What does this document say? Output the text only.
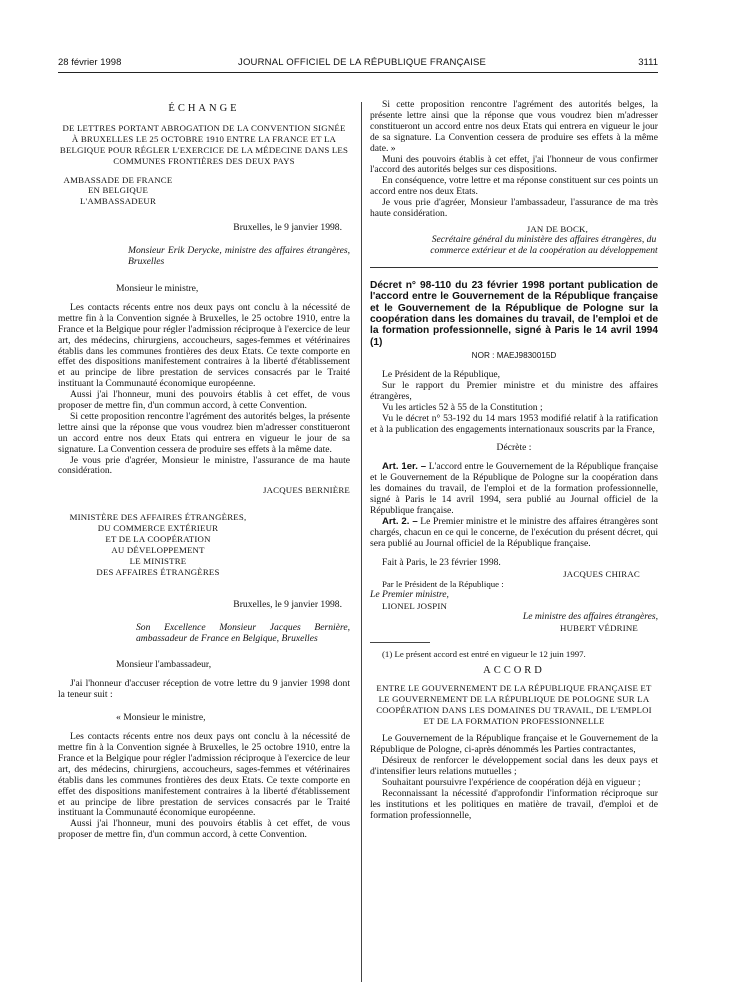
28 février 1998	JOURNAL OFFICIEL DE LA RÉPUBLIQUE FRANÇAISE	3111
ÉCHANGE

DE LETTRES PORTANT ABROGATION DE LA CONVENTION SIGNÉE À BRUXELLES LE 25 OCTOBRE 1910 ENTRE LA FRANCE ET LA BELGIQUE POUR RÉGLER L'EXERCICE DE LA MÉDECINE DANS LES COMMUNES FRONTIÈRES DES DEUX PAYS

AMBASSADE DE FRANCE
EN BELGIQUE
L'AMBASSADEUR

Bruxelles, le 9 janvier 1998.

Monsieur Erik Derycke, ministre des affaires étrangères, Bruxelles

Monsieur le ministre,

Les contacts récents entre nos deux pays ont conclu à la nécessité de mettre fin à la Convention signée à Bruxelles, le 25 octobre 1910, entre la France et la Belgique pour régler l'admission réciproque à l'exercice de leur art, des médecins, chirurgiens, accoucheurs, sages-femmes et vétérinaires établis dans les communes frontières des deux Etats. Ce texte comporte en effet des dispositions manifestement contraires à la liberté d'établissement et au principe de libre prestation de services consacrés par le Traité instituant la Communauté économique européenne.

Aussi j'ai l'honneur, muni des pouvoirs établis à cet effet, de vous proposer de mettre fin, d'un commun accord, à cette Convention.

Si cette proposition rencontre l'agrément des autorités belges, la présente lettre ainsi que la réponse que vous voudrez bien m'adresser constitueront un accord entre nos deux Etats qui entrera en vigueur le jour de sa signature. La Convention cessera de produire ses effets à la même date.

Je vous prie d'agréer, Monsieur le ministre, l'assurance de ma haute considération.

JACQUES BERNIÈRE

MINISTÈRE DES AFFAIRES ÉTRANGÈRES,
DU COMMERCE EXTÉRIEUR
ET DE LA COOPÉRATION
AU DÉVELOPPEMENT
LE MINISTRE
DES AFFAIRES ÉTRANGÈRES

Bruxelles, le 9 janvier 1998.

Son Excellence Monsieur Jacques Bernière, ambassadeur de France en Belgique, Bruxelles

Monsieur l'ambassadeur,

J'ai l'honneur d'accuser réception de votre lettre du 9 janvier 1998 dont la teneur suit :

« Monsieur le ministre,

Les contacts récents entre nos deux pays ont conclu à la nécessité de mettre fin à la Convention signée à Bruxelles, le 25 octobre 1910, entre la France et la Belgique pour régler l'admission réciproque à l'exercice de leur art, des médecins, chirurgiens, accoucheurs, sages-femmes et vétérinaires établis dans les communes frontières des deux Etats. Ce texte comporte en effet des dispositions manifestement contraires à la liberté d'établissement et au principe de libre prestation de services consacrés par le Traité instituant la Communauté économique européenne.

Aussi j'ai l'honneur, muni des pouvoirs établis à cet effet, de vous proposer de mettre fin, d'un commun accord, à cette Convention.

Si cette proposition rencontre l'agrément des autorités belges, la présente lettre ainsi que la réponse que vous voudrez bien m'adresser constitueront un accord entre nos deux Etats qui entrera en vigueur le jour de sa signature. La Convention cessera de produire ses effets à la même date. »

Muni des pouvoirs établis à cet effet, j'ai l'honneur de vous confirmer l'accord des autorités belges sur ces dispositions.

En conséquence, votre lettre et ma réponse constituent sur ces points un accord entre nos deux Etats.

Je vous prie d'agréer, Monsieur l'ambassadeur, l'assurance de ma très haute considération.

JAN DE BOCK,

Secrétaire général du ministère des affaires étrangères, du commerce extérieur et de la coopération au développement

Décret n° 98-110 du 23 février 1998 portant publication de l'accord entre le Gouvernement de la République française et le Gouvernement de la République de Pologne sur la coopération dans les domaines du travail, de l'emploi et de la formation professionnelle, signé à Paris le 14 avril 1994 (1)

NOR : MAEJ9830015D

Le Président de la République,

Sur le rapport du Premier ministre et du ministre des affaires étrangères,

Vu les articles 52 à 55 de la Constitution ;

Vu le décret n° 53-192 du 14 mars 1953 modifié relatif à la ratification et à la publication des engagements internationaux souscrits par la France,

Décrète :

Art. 1er. – L'accord entre le Gouvernement de la République française et le Gouvernement de la République de Pologne sur la coopération dans les domaines du travail, de l'emploi et de la formation professionnelle, signé à Paris le 14 avril 1994, sera publié au Journal officiel de la République française.

Art. 2. – Le Premier ministre et le ministre des affaires étrangères sont chargés, chacun en ce qui le concerne, de l'exécution du présent décret, qui sera publié au Journal officiel de la République française.

Fait à Paris, le 23 février 1998.

JACQUES CHIRAC

Par le Président de la République :

Le Premier ministre,

LIONEL JOSPIN

Le ministre des affaires étrangères,

HUBERT VÉDRINE

(1) Le présent accord est entré en vigueur le 12 juin 1997.

ACCORD

ENTRE LE GOUVERNEMENT DE LA RÉPUBLIQUE FRANÇAISE ET LE GOUVERNEMENT DE LA RÉPUBLIQUE DE POLOGNE SUR LA COOPÉRATION DANS LES DOMAINES DU TRAVAIL, DE L'EMPLOI ET DE LA FORMATION PROFESSIONNELLE

Le Gouvernement de la République française et le Gouvernement de la République de Pologne, ci-après dénommés les Parties contractantes,

Désireux de renforcer le développement social dans les deux pays et d'intensifier leurs relations mutuelles ;

Souhaitant poursuivre l'expérience de coopération déjà en vigueur ;

Reconnaissant la nécessité d'approfondir l'information réciproque sur les institutions et les politiques en matière de travail, d'emploi et de formation professionnelle,
